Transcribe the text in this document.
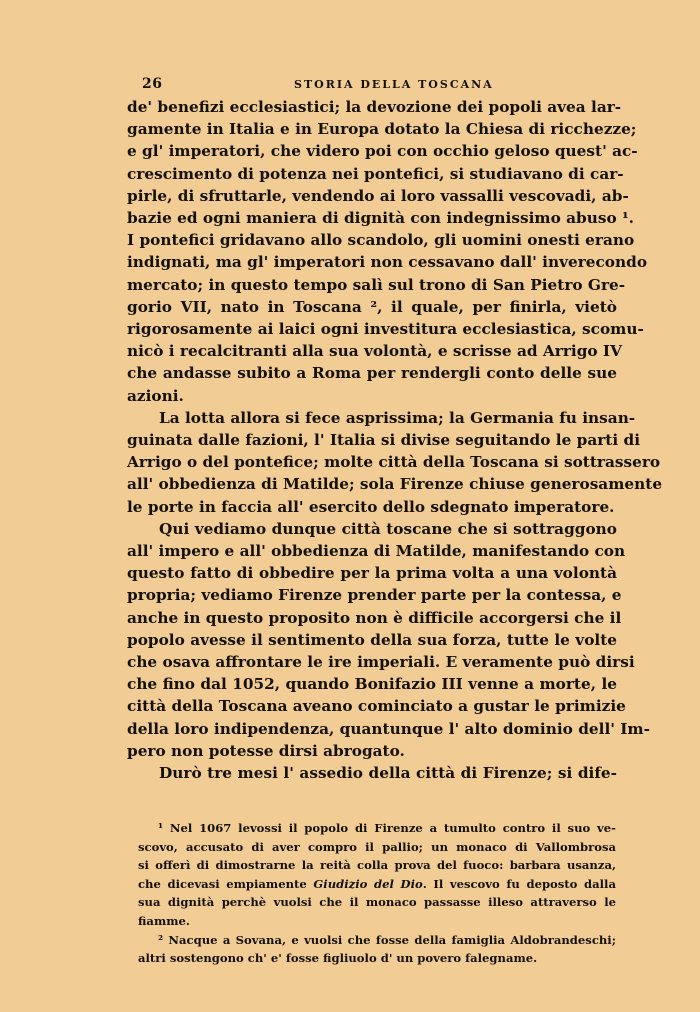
26	STORIA DELLA TOSCANA
de' benefizi ecclesiastici; la devozione dei popoli avea lar-
gamente in Italia e in Europa dotato la Chiesa di ricchezze;
e gl' imperatori, che videro poi con occhio geloso quest' ac-
crescimento di potenza nei pontefici, si studiavano di car-
pirle, di sfruttarle, vendendo ai loro vassalli vescovadi, ab-
bazie ed ogni maniera di dignità con indegnissimo abuso ¹.
I pontefici gridavano allo scandolo, gli uomini onesti erano
indignati, ma gl' imperatori non cessavano dall' inverecondo
mercato; in questo tempo salì sul trono di San Pietro Gre-
gorio VII, nato in Toscana ², il quale, per finirla, vietò
rigorosamente ai laici ogni investitura ecclesiastica, scomu-
nicò i recalcitranti alla sua volontà, e scrisse ad Arrigo IV
che andasse subito a Roma per rendergli conto delle sue
azioni.
La lotta allora si fece asprissima; la Germania fu insan-
guinata dalle fazioni, l' Italia si divise seguitando le parti di
Arrigo o del pontefice; molte città della Toscana si sottrassero
all' obbedienza di Matilde; sola Firenze chiuse generosamente
le porte in faccia all' esercito dello sdegnato imperatore.
Qui vediamo dunque città toscane che si sottraggono
all' impero e all' obbedienza di Matilde, manifestando con
questo fatto di obbedire per la prima volta a una volontà
propria; vediamo Firenze prender parte per la contessa, e
anche in questo proposito non è difficile accorgersi che il
popolo avesse il sentimento della sua forza, tutte le volte
che osava affrontare le ire imperiali. E veramente può dirsi
che fino dal 1052, quando Bonifazio III venne a morte, le
città della Toscana aveano cominciato a gustar le primizie
della loro indipendenza, quantunque l' alto dominio dell' Im-
pero non potesse dirsi abrogato.
Durò tre mesi l' assedio della città di Firenze; si dife-
¹ Nel 1067 levossi il popolo di Firenze a tumulto contro il suo ve-
scovo, accusato di aver compro il pallio; un monaco di Vallombrosa
si offerì di dimostrarne la reità colla prova del fuoco: barbara usanza,
che dicevasi empiamente Giudizio del Dio. Il vescovo fu deposto dalla
sua dignità perchè vuolsi che il monaco passasse illeso attraverso le
fiamme.
² Nacque a Sovana, e vuolsi che fosse della famiglia Aldobrandeschi;
altri sostengono ch' e' fosse figliuolo d' un povero falegname.
